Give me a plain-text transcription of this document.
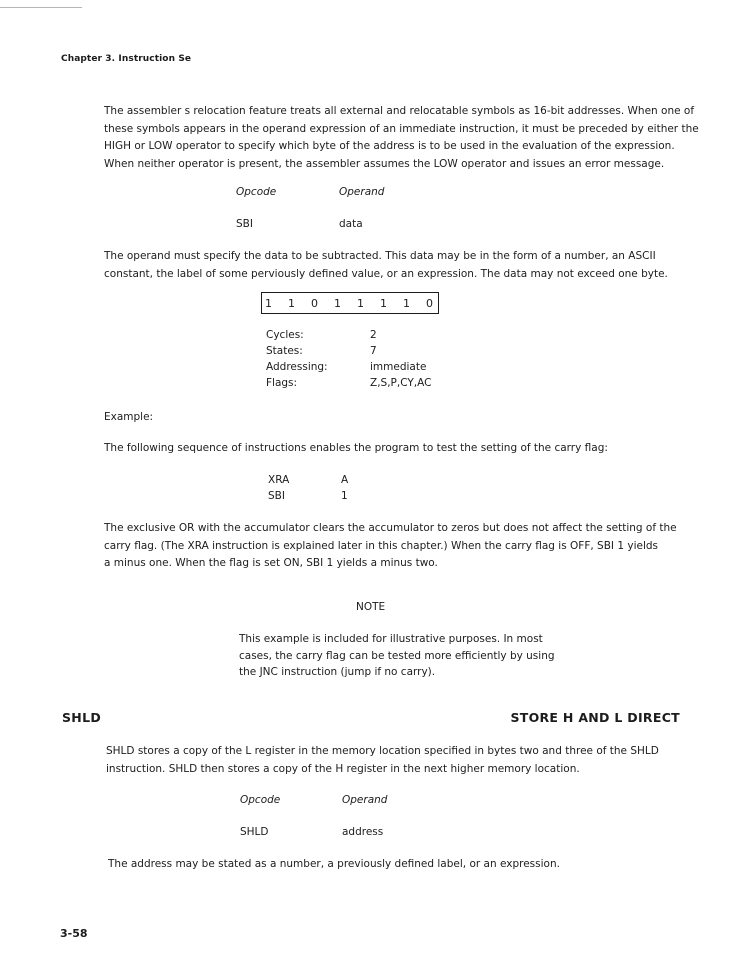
Chapter 3. Instruction Se
The assembler s relocation feature treats all external and relocatable symbols as 16-bit addresses. When one of
these symbols appears in the operand expression of an immediate instruction, it must be preceded by either the
HIGH or LOW operator to specify which byte of the address is to be used in the evaluation of the expression.
When neither operator is present, the assembler assumes the LOW operator and issues an error message.
Opcode	Operand
SBI	data
The operand must specify the data to be subtracted. This data may be in the form of a number, an ASCII
constant, the label of some perviously defined value, or an expression. The data may not exceed one byte.
1 1 0 1 1 1 1 0
Cycles:	2
States:	7
Addressing:	immediate
Flags:	Z,S,P,CY,AC
Example:
The following sequence of instructions enables the program to test the setting of the carry flag:
XRA	A
SBI	1
The exclusive OR with the accumulator clears the accumulator to zeros but does not affect the setting of the
carry flag. (The XRA instruction is explained later in this chapter.) When the carry flag is OFF, SBI 1 yields
a minus one. When the flag is set ON, SBI 1 yields a minus two.
NOTE
This example is included for illustrative purposes. In most
cases, the carry flag can be tested more efficiently by using
the JNC instruction (jump if no carry).
SHLD	STORE H AND L DIRECT
SHLD stores a copy of the L register in the memory location specified in bytes two and three of the SHLD
instruction. SHLD then stores a copy of the H register in the next higher memory location.
Opcode	Operand
SHLD	address
The address may be stated as a number, a previously defined label, or an expression.
3-58
